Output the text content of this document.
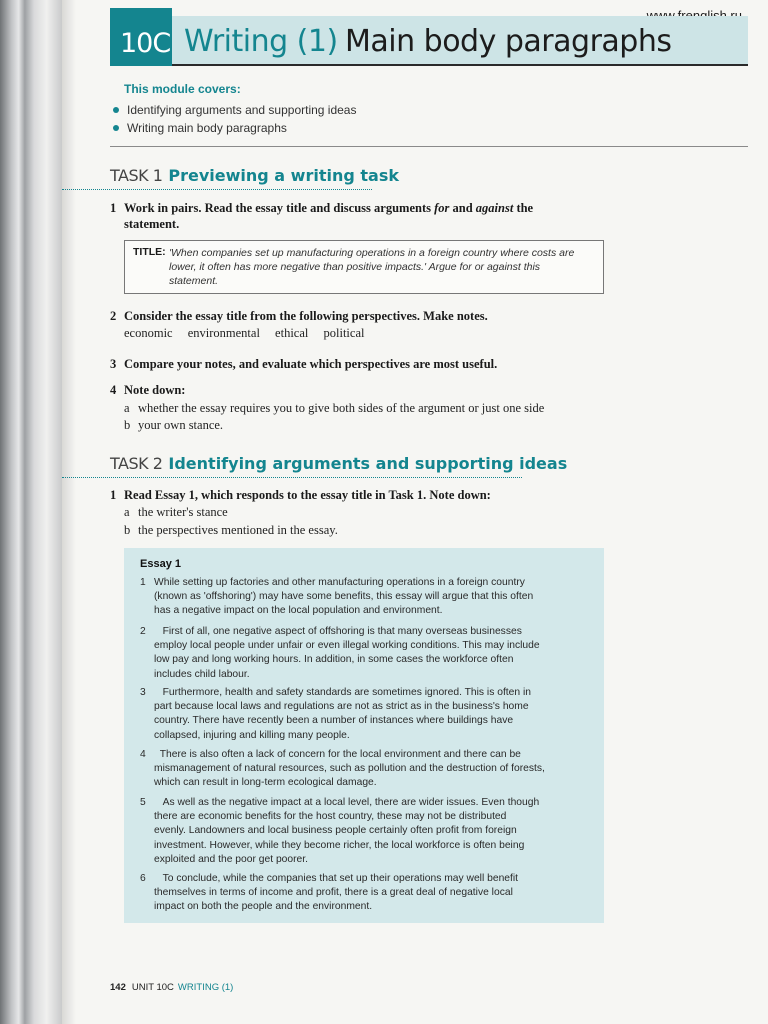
10C Writing (1) Main body paragraphs
This module covers:
Identifying arguments and supporting ideas
Writing main body paragraphs
TASK 1 Previewing a writing task
1 Work in pairs. Read the essay title and discuss arguments for and against the
statement.
TITLE: 'When companies set up manufacturing operations in a foreign country where costs are lower, it often has more negative than positive impacts.' Argue for or against this statement.
2 Consider the essay title from the following perspectives. Make notes.
economic environmental ethical political
3 Compare your notes, and evaluate which perspectives are most useful.
4 Note down:
a whether the essay requires you to give both sides of the argument or just one side
b your own stance.
TASK 2 Identifying arguments and supporting ideas
1 Read Essay 1, which responds to the essay title in Task 1. Note down:
a the writer's stance
b the perspectives mentioned in the essay.
Essay 1
1 While setting up factories and other manufacturing operations in a foreign country
(known as 'offshoring') may have some benefits, this essay will argue that this often
has a negative impact on the local population and environment.
2 First of all, one negative aspect of offshoring is that many overseas businesses
employ local people under unfair or even illegal working conditions. This may include
low pay and long working hours. In addition, in some cases the workforce often
includes child labour.
3 Furthermore, health and safety standards are sometimes ignored. This is often in
part because local laws and regulations are not as strict as in the business's home
country. There have recently been a number of instances where buildings have
collapsed, injuring and killing many people.
4 There is also often a lack of concern for the local environment and there can be
mismanagement of natural resources, such as pollution and the destruction of forests,
which can result in long-term ecological damage.
5 As well as the negative impact at a local level, there are wider issues. Even though
there are economic benefits for the host country, these may not be distributed
evenly. Landowners and local business people certainly often profit from foreign
investment. However, while they become richer, the local workforce is often being
exploited and the poor get poorer.
6 To conclude, while the companies that set up their operations may well benefit
themselves in terms of income and profit, there is a great deal of negative local
impact on both the people and the environment.
142 UNIT 10C WRITING (1)
